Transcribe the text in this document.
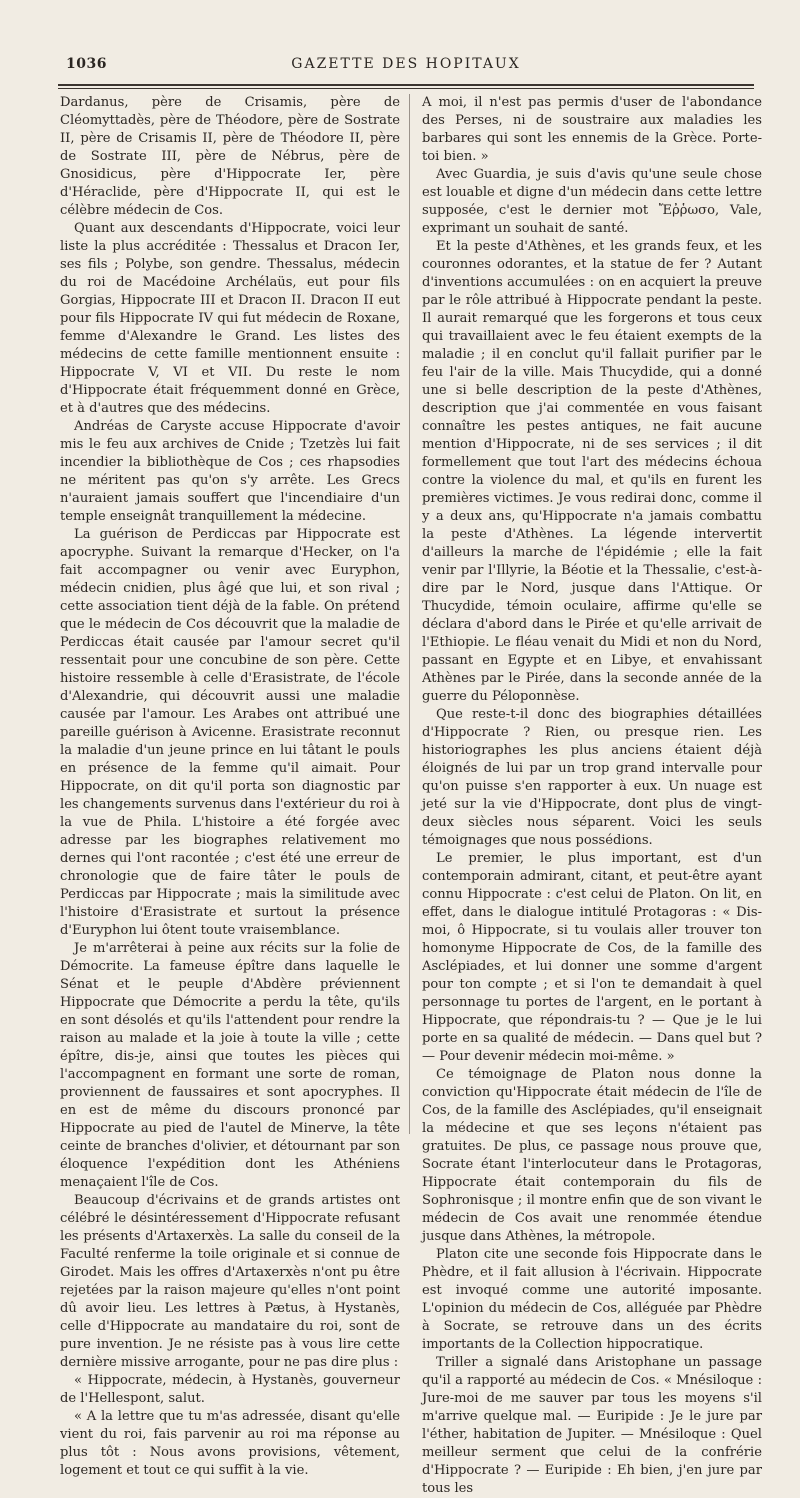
1036	GAZETTE DES HOPITAUX

Dardanus, père de Crisamis, père de Cléomyttadès, père de Théodore, père de Sostrate II, père de Crisamis II, père de Théodore II, père de Sostrate III, père de Nébrus, père de Gnosidicus, père d'Hippocrate Ier, père d'Héraclide, père d'Hippocrate II, qui est le célèbre médecin de Cos.

Quant aux descendants d'Hippocrate, voici leur liste la plus accréditée : Thessalus et Dracon Ier, ses fils ; Polybe, son gendre. Thessalus, médecin du roi de Macédoine Archélaüs, eut pour fils Gorgias, Hippocrate III et Dracon II. Dracon II eut pour fils Hippocrate IV qui fut médecin de Roxane, femme d'Alexandre le Grand. Les listes des médecins de cette famille mentionnent ensuite : Hippocrate V, VI et VII. Du reste le nom d'Hippocrate était fréquemment donné en Grèce, et à d'autres que des médecins.

Andréas de Caryste accuse Hippocrate d'avoir mis le feu aux archives de Cnide ; Tzetzès lui fait incendier la bibliothèque de Cos ; ces rhapsodies ne méritent pas qu'on s'y arrête. Les Grecs n'auraient jamais souffert que l'incendiaire d'un temple enseignât tranquillement la médecine.

La guérison de Perdiccas par Hippocrate est apocryphe. Suivant la remarque d'Hecker, on l'a fait accompagner ou venir avec Euryphon, médecin cnidien, plus âgé que lui, et son rival ; cette association tient déjà de la fable. On prétend que le médecin de Cos découvrit que la maladie de Perdiccas était causée par l'amour secret qu'il ressentait pour une concubine de son père. Cette histoire ressemble à celle d'Erasistrate, de l'école d'Alexandrie, qui découvrit aussi une maladie causée par l'amour. Les Arabes ont attribué une pareille guérison à Avicenne. Erasistrate reconnut la maladie d'un jeune prince en lui tâtant le pouls en présence de la femme qu'il aimait. Pour Hippocrate, on dit qu'il porta son diagnostic par les changements survenus dans l'extérieur du roi à la vue de Phila. L'histoire a été forgée avec adresse par les biographes relativement mo dernes qui l'ont racontée ; c'est été une erreur de chronologie que de faire tâter le pouls de Perdiccas par Hippocrate ; mais la similitude avec l'histoire d'Erasistrate et surtout la présence d'Euryphon lui ôtent toute vraisemblance.

Je m'arrêterai à peine aux récits sur la folie de Démocrite. La fameuse épître dans laquelle le Sénat et le peuple d'Abdère préviennent Hippocrate que Démocrite a perdu la tête, qu'ils en sont désolés et qu'ils l'attendent pour rendre la raison au malade et la joie à toute la ville ; cette épître, dis-je, ainsi que toutes les pièces qui l'accompagnent en formant une sorte de roman, proviennent de faussaires et sont apocryphes. Il en est de même du discours prononcé par Hippocrate au pied de l'autel de Minerve, la tête ceinte de branches d'olivier, et détournant par son éloquence l'expédition dont les Athéniens menaçaient l'île de Cos.

Beaucoup d'écrivains et de grands artistes ont célébré le désintéressement d'Hippocrate refusant les présents d'Artaxerxès. La salle du conseil de la Faculté renferme la toile originale et si connue de Girodet. Mais les offres d'Artaxerxès n'ont pu être rejetées par la raison majeure qu'elles n'ont point dû avoir lieu. Les lettres à Pætus, à Hystanès, celle d'Hippocrate au mandataire du roi, sont de pure invention. Je ne résiste pas à vous lire cette dernière missive arrogante, pour ne pas dire plus :

« Hippocrate, médecin, à Hystanès, gouverneur de l'Hellespont, salut.

« A la lettre que tu m'as adressée, disant qu'elle vient du roi, fais parvenir au roi ma réponse au plus tôt : Nous avons provisions, vêtement, logement et tout ce qui suffit à la vie.

A moi, il n'est pas permis d'user de l'abondance des Perses, ni de soustraire aux maladies les barbares qui sont les ennemis de la Grèce. Porte-toi bien. »

Avec Guardia, je suis d'avis qu'une seule chose est louable et digne d'un médecin dans cette lettre supposée, c'est le dernier mot Ἔῤῥωσο, Vale, exprimant un souhait de santé.

Et la peste d'Athènes, et les grands feux, et les couronnes odorantes, et la statue de fer ? Autant d'inventions accumulées : on en acquiert la preuve par le rôle attribué à Hippocrate pendant la peste. Il aurait remarqué que les forgerons et tous ceux qui travaillaient avec le feu étaient exempts de la maladie ; il en conclut qu'il fallait purifier par le feu l'air de la ville. Mais Thucydide, qui a donné une si belle description de la peste d'Athènes, description que j'ai commentée en vous faisant connaître les pestes antiques, ne fait aucune mention d'Hippocrate, ni de ses services ; il dit formellement que tout l'art des médecins échoua contre la violence du mal, et qu'ils en furent les premières victimes. Je vous redirai donc, comme il y a deux ans, qu'Hippocrate n'a jamais combattu la peste d'Athènes. La légende intervertit d'ailleurs la marche de l'épidémie ; elle la fait venir par l'Illyrie, la Béotie et la Thessalie, c'est-à-dire par le Nord, jusque dans l'Attique. Or Thucydide, témoin oculaire, affirme qu'elle se déclara d'abord dans le Pirée et qu'elle arrivait de l'Ethiopie. Le fléau venait du Midi et non du Nord, passant en Egypte et en Libye, et envahissant Athènes par le Pirée, dans la seconde année de la guerre du Péloponnèse.

Que reste-t-il donc des biographies détaillées d'Hippocrate ? Rien, ou presque rien. Les historiographes les plus anciens étaient déjà éloignés de lui par un trop grand intervalle pour qu'on puisse s'en rapporter à eux. Un nuage est jeté sur la vie d'Hippocrate, dont plus de vingt-deux siècles nous séparent. Voici les seuls témoignages que nous possédions.

Le premier, le plus important, est d'un contemporain admirant, citant, et peut-être ayant connu Hippocrate : c'est celui de Platon. On lit, en effet, dans le dialogue intitulé Protagoras : « Dis-moi, ô Hippocrate, si tu voulais aller trouver ton homonyme Hippocrate de Cos, de la famille des Asclépiades, et lui donner une somme d'argent pour ton compte ; et si l'on te demandait à quel personnage tu portes de l'argent, en le portant à Hippocrate, que répondrais-tu ? — Que je le lui porte en sa qualité de médecin. — Dans quel but ? — Pour devenir médecin moi-même. »

Ce témoignage de Platon nous donne la conviction qu'Hippocrate était médecin de l'île de Cos, de la famille des Asclépiades, qu'il enseignait la médecine et que ses leçons n'étaient pas gratuites. De plus, ce passage nous prouve que, Socrate étant l'interlocuteur dans le Protagoras, Hippocrate était contemporain du fils de Sophronisque ; il montre enfin que de son vivant le médecin de Cos avait une renommée étendue jusque dans Athènes, la métropole.

Platon cite une seconde fois Hippocrate dans le Phèdre, et il fait allusion à l'écrivain. Hippocrate est invoqué comme une autorité imposante. L'opinion du médecin de Cos, alléguée par Phèdre à Socrate, se retrouve dans un des écrits importants de la Collection hippocratique.

Triller a signalé dans Aristophane un passage qu'il a rapporté au médecin de Cos. « Mnésiloque : Jure-moi de me sauver par tous les moyens s'il m'arrive quelque mal. — Euripide : Je le jure par l'éther, habitation de Jupiter. — Mnésiloque : Quel meilleur serment que celui de la confrérie d'Hippocrate ? — Euripide : Eh bien, j'en jure par tous les
